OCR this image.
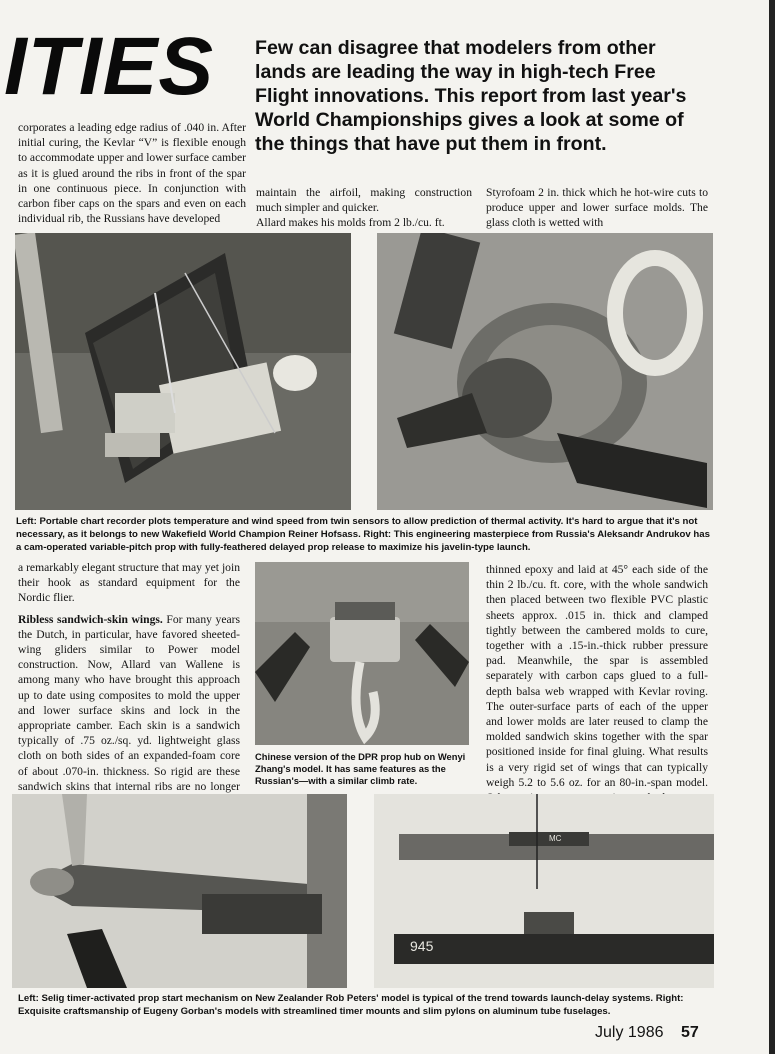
ITIES Few can disagree that modelers from other lands are leading the way in high-tech Free Flight innovations. This report from last year's World Championships gives a look at some of the things that have put them in front.
corporates a leading edge radius of .040 in. After initial curing, the Kevlar “V” is flexible enough to accommodate upper and lower surface camber as it is glued around the ribs in front of the spar in one continuous piece. In conjunction with carbon fiber caps on the spars and even on each individual rib, the Russians have developed
maintain the airfoil, making construction much simpler and quicker.
Allard makes his molds from 2 lb./cu. ft.
Styrofoam 2 in. thick which he hot-wire cuts to produce upper and lower surface molds. The glass cloth is wetted with
Left: Portable chart recorder plots temperature and wind speed from twin sensors to allow prediction of thermal activity. It's hard to argue that it's not necessary, as it belongs to new Wakefield World Champion Reiner Hofsass. Right: This engineering masterpiece from Russia's Aleksandr Andrukov has a cam-operated variable-pitch prop with fully-feathered delayed prop release to maximize his javelin-type launch.
a remarkably elegant structure that may yet join their hook as standard equipment for the Nordic flier.
Ribless sandwich-skin wings. For many years the Dutch, in particular, have favored sheeted-wing gliders similar to Power model construction. Now, Allard van Wallene is among many who have brought this approach up to date using composites to mold the upper and lower surface skins and lock in the appropriate camber. Each skin is a sandwich typically of .75 oz./sq. yd. lightweight glass cloth on both sides of an expanded-foam core of about .070-in. thickness. So rigid are these sandwich skins that internal ribs are no longer
Chinese version of the DPR prop hub on Wenyi Zhang's model. It has same features as the Russian's—with a similar climb rate.
thinned epoxy and laid at 45° each side of the thin 2 lb./cu. ft. core, with the whole sandwich then placed between two flexible PVC plastic sheets approx. .015 in. thick and clamped tightly between the cambered molds to cure, together with a .15-in.-thick rubber pressure pad. Meanwhile, the spar is assembled separately with carbon caps glued to a full-depth balsa web wrapped with Kevlar roving. The outer-surface parts of each of the upper and lower molds are later reused to clamp the molded sandwich skins together with the spar positioned inside for final gluing. What results is a very rigid set of wings that can typically weigh 5.2 to 5.6 oz. for an 80-in.-span model.
945
MC
Left: Selig timer-activated prop start mechanism on New Zealander Rob Peters' model is typical of the trend towards launch-delay systems. Right: Exquisite craftsmanship of Eugeny Gorban's models with streamlined timer mounts and slim pylons on aluminum tube fuselages.
July 1986 57
